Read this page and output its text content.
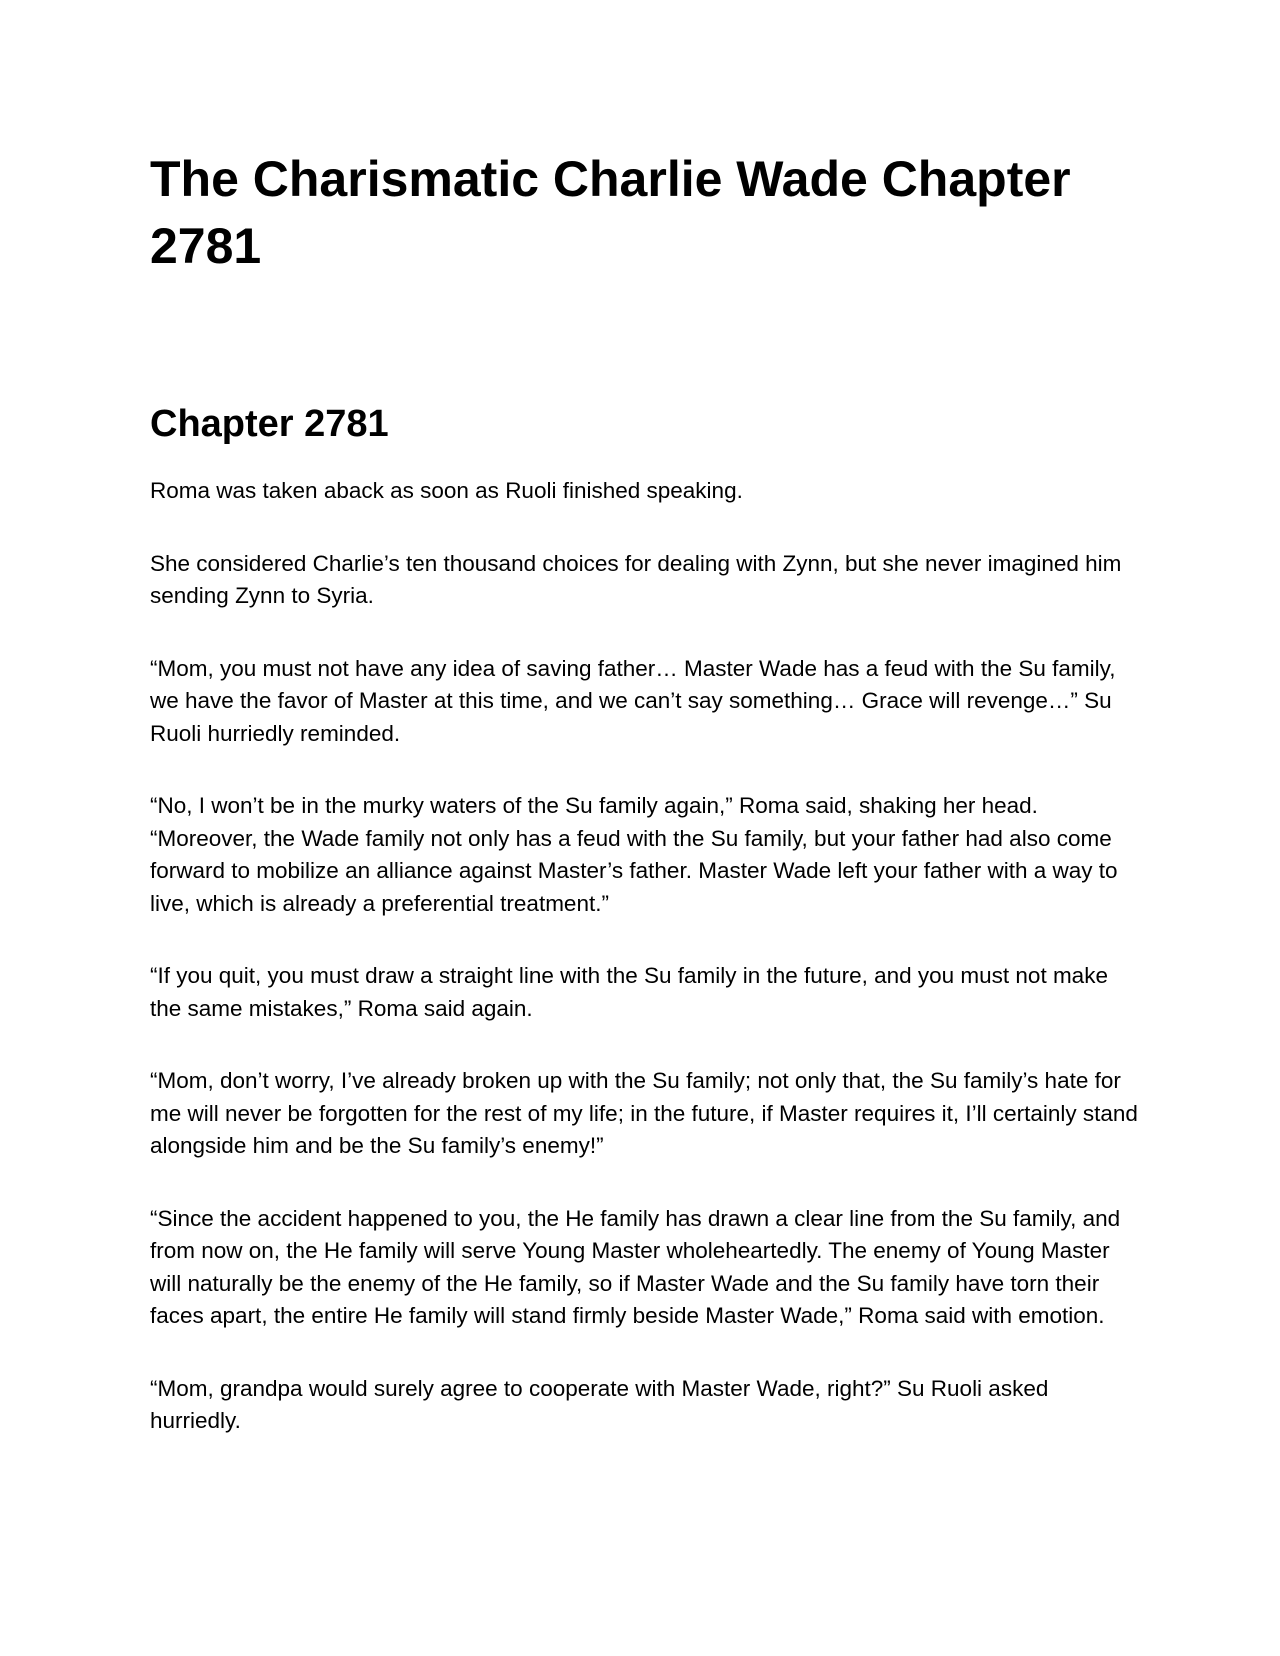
The Charismatic Charlie Wade Chapter 2781
Chapter 2781

Roma was taken aback as soon as Ruoli finished speaking.

She considered Charlie’s ten thousand choices for dealing with Zynn, but she never imagined him sending Zynn to Syria.

“Mom, you must not have any idea of saving father… Master Wade has a feud with the Su family, we have the favor of Master at this time, and we can’t say something… Grace will revenge…” Su Ruoli hurriedly reminded.

“No, I won’t be in the murky waters of the Su family again,” Roma said, shaking her head. “Moreover, the Wade family not only has a feud with the Su family, but your father had also come forward to mobilize an alliance against Master’s father. Master Wade left your father with a way to live, which is already a preferential treatment.”

“If you quit, you must draw a straight line with the Su family in the future, and you must not make the same mistakes,” Roma said again.

“Mom, don’t worry, I’ve already broken up with the Su family; not only that, the Su family’s hate for me will never be forgotten for the rest of my life; in the future, if Master requires it, I’ll certainly stand alongside him and be the Su family’s enemy!”

“Since the accident happened to you, the He family has drawn a clear line from the Su family, and from now on, the He family will serve Young Master wholeheartedly. The enemy of Young Master will naturally be the enemy of the He family, so if Master Wade and the Su family have torn their faces apart, the entire He family will stand firmly beside Master Wade,” Roma said with emotion.

“Mom, grandpa would surely agree to cooperate with Master Wade, right?” Su Ruoli asked hurriedly.
